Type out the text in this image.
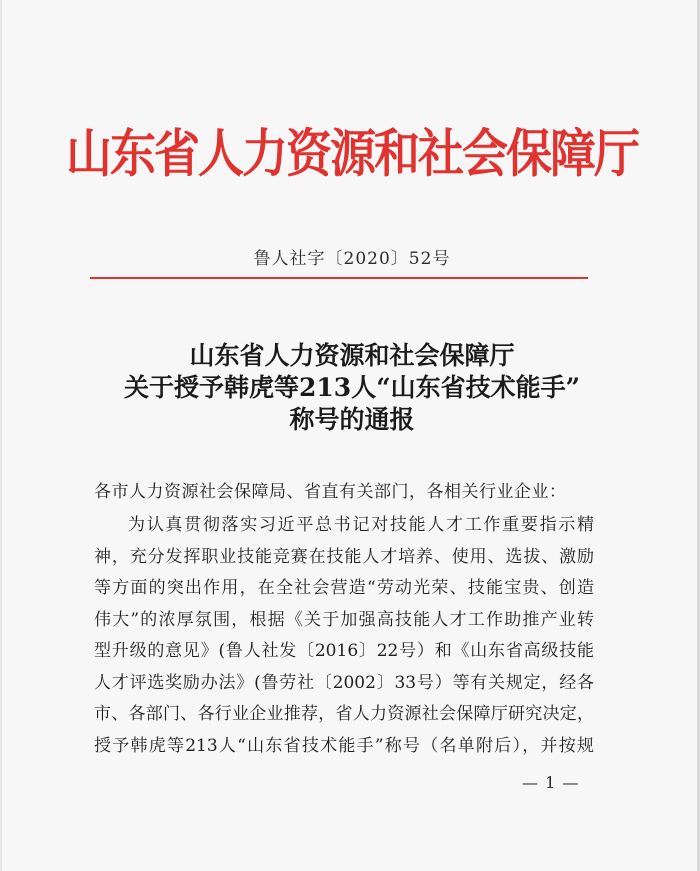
山东省人力资源和社会保障厅
鲁人社字〔2020〕52号
山东省人力资源和社会保障厅
关于授予韩虎等213人“山东省技术能手”
称号的通报
各市人力资源社会保障局、省直有关部门，各相关行业企业：
为认真贯彻落实习近平总书记对技能人才工作重要指示精
神，充分发挥职业技能竞赛在技能人才培养、使用、选拔、激励
等方面的突出作用，在全社会营造“劳动光荣、技能宝贵、创造
伟大”的浓厚氛围，根据《关于加强高技能人才工作助推产业转
型升级的意见》(鲁人社发〔2016〕22号）和《山东省高级技能
人才评选奖励办法》(鲁劳社〔2002〕33号）等有关规定，经各
市、各部门、各行业企业推荐，省人力资源社会保障厅研究决定，
授予韩虎等213人“山东省技术能手”称号（名单附后），并按规
— 1 —
